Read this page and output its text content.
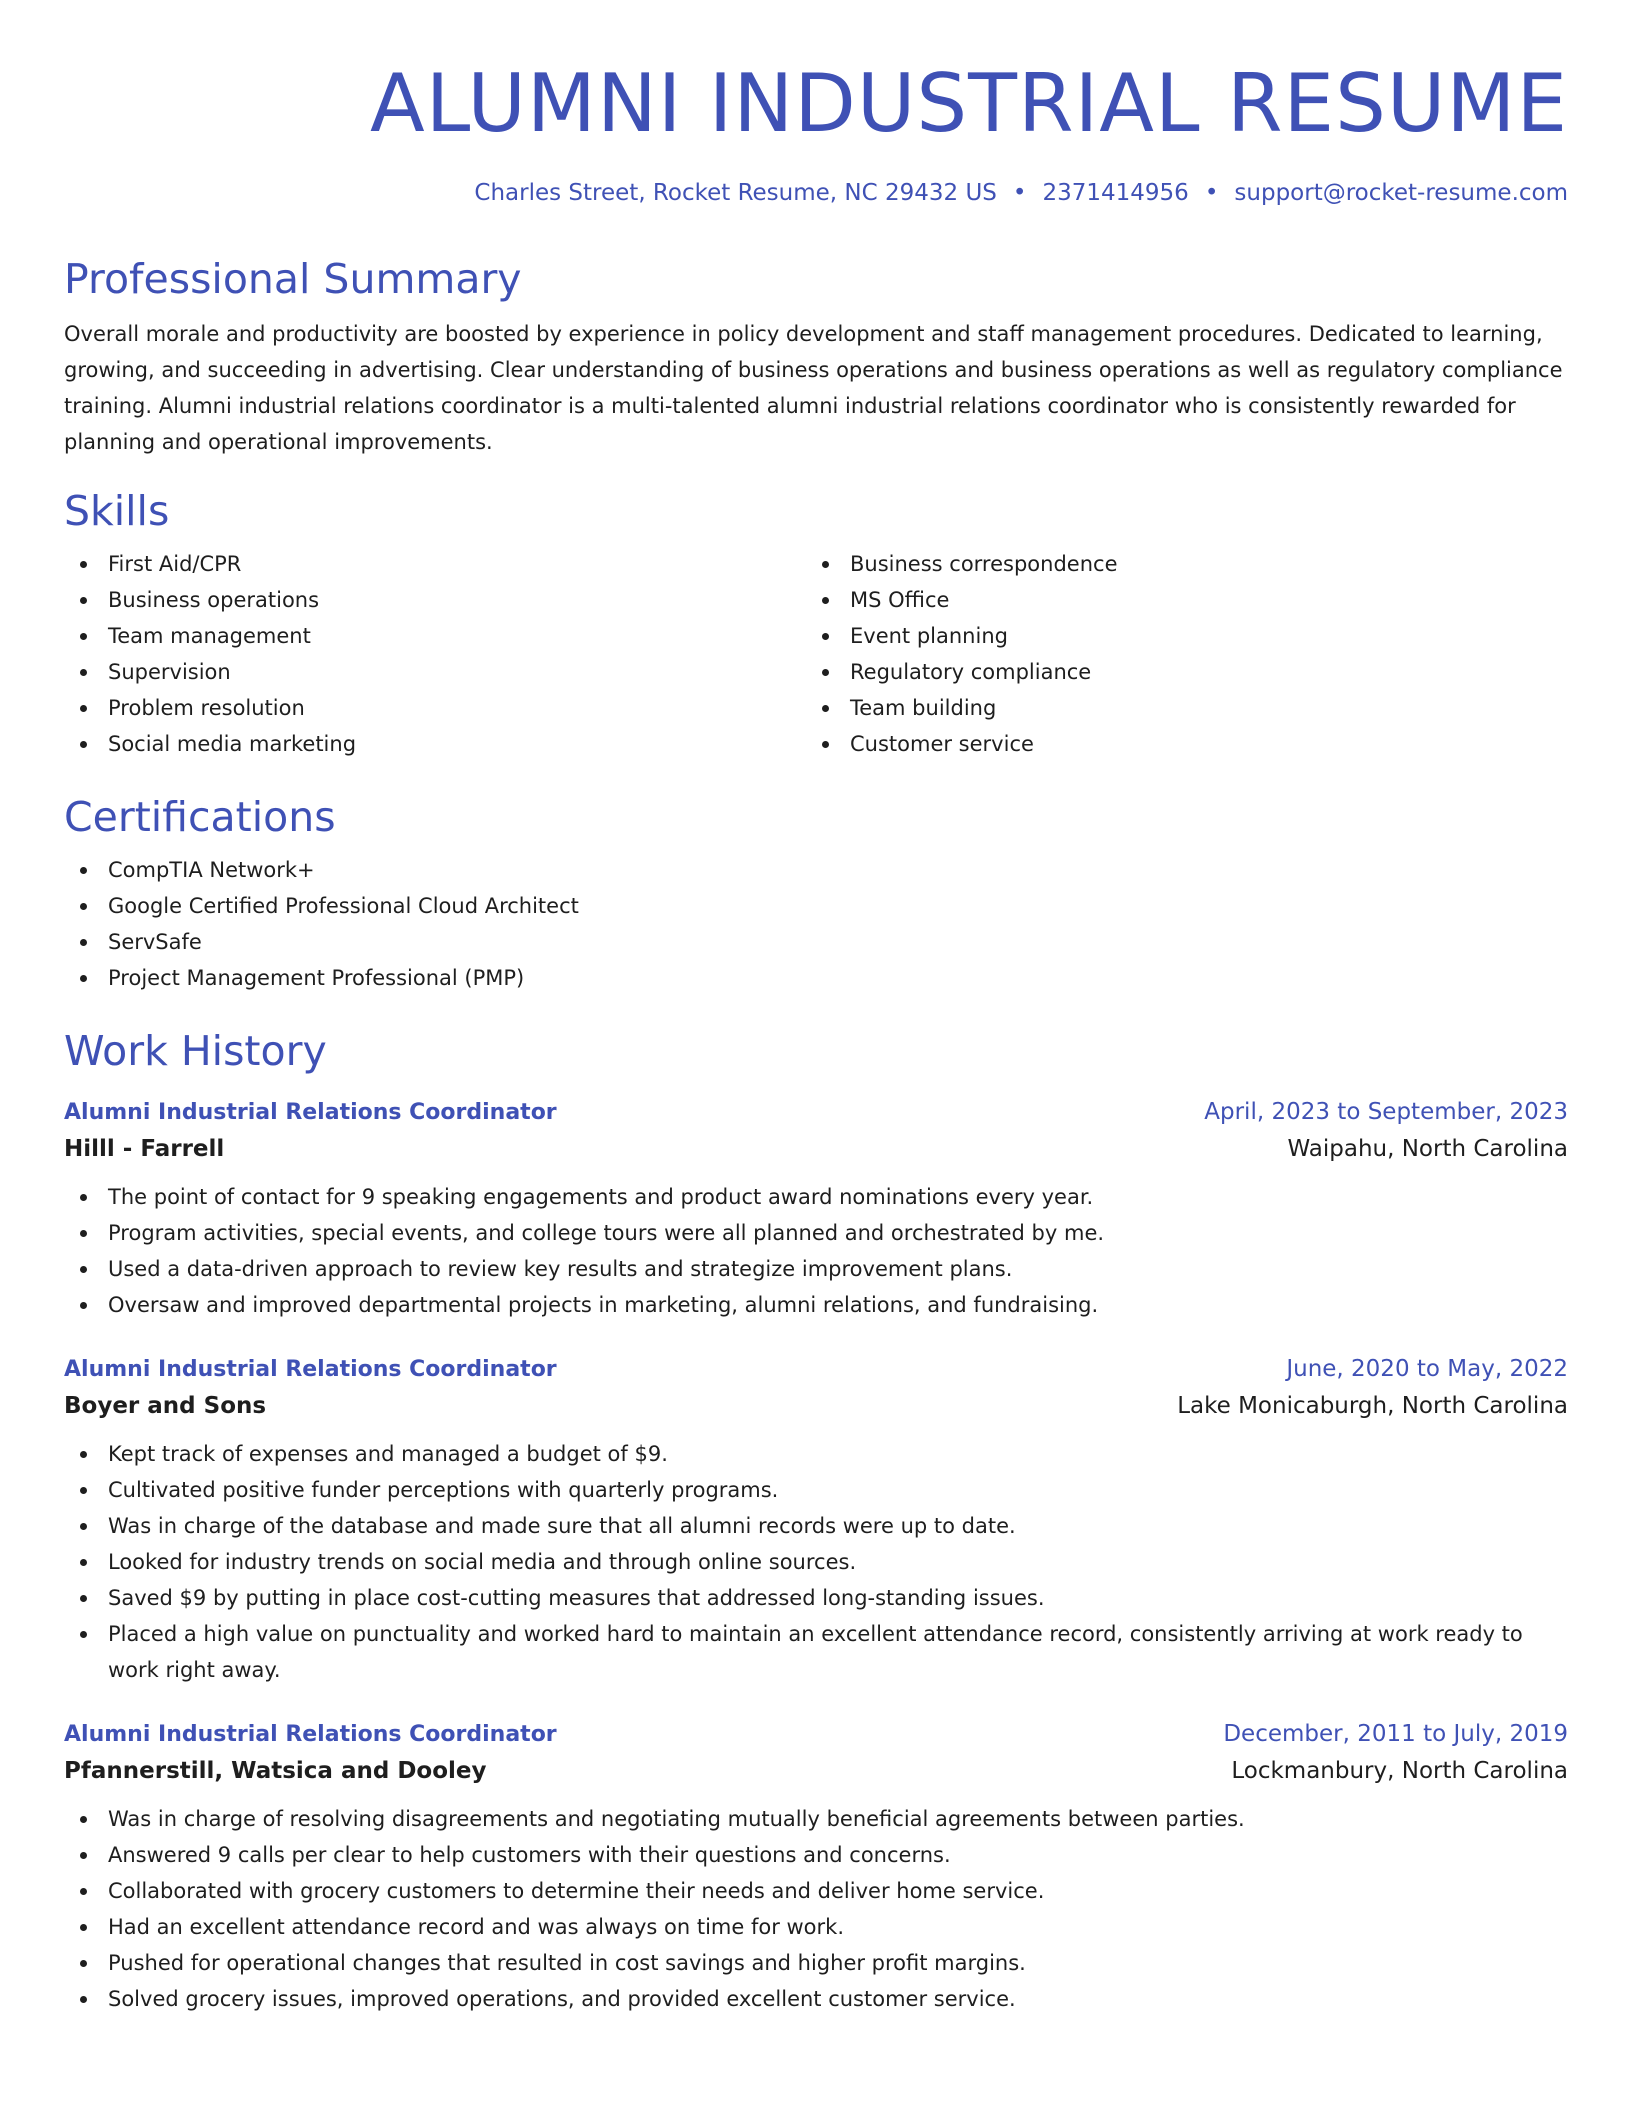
ALUMNI INDUSTRIAL RESUME
Charles Street, Rocket Resume, NC 29432 US • 2371414956 • support@rocket-resume.com
Professional Summary

Overall morale and productivity are boosted by experience in policy development and staff management procedures. Dedicated to learning, growing, and succeeding in advertising. Clear understanding of business operations and business operations as well as regulatory compliance training. Alumni industrial relations coordinator is a multi-talented alumni industrial relations coordinator who is consistently rewarded for planning and operational improvements.

Skills
First Aid/CPR
Business operations
Team management
Supervision
Problem resolution
Social media marketing
Business correspondence
MS Office
Event planning
Regulatory compliance
Team building
Customer service
Certifications
CompTIA Network+
Google Certified Professional Cloud Architect
ServSafe
Project Management Professional (PMP)
Work History
Alumni Industrial Relations Coordinator	April, 2023 to September, 2023
Hilll - Farrell	Waipahu, North Carolina
The point of contact for 9 speaking engagements and product award nominations every year.
Program activities, special events, and college tours were all planned and orchestrated by me.
Used a data-driven approach to review key results and strategize improvement plans.
Oversaw and improved departmental projects in marketing, alumni relations, and fundraising.
Alumni Industrial Relations Coordinator	June, 2020 to May, 2022
Boyer and Sons	Lake Monicaburgh, North Carolina
Kept track of expenses and managed a budget of $9.
Cultivated positive funder perceptions with quarterly programs.
Was in charge of the database and made sure that all alumni records were up to date.
Looked for industry trends on social media and through online sources.
Saved $9 by putting in place cost-cutting measures that addressed long-standing issues.
Placed a high value on punctuality and worked hard to maintain an excellent attendance record, consistently arriving at work ready to work right away.
Alumni Industrial Relations Coordinator	December, 2011 to July, 2019
Pfannerstill, Watsica and Dooley	Lockmanbury, North Carolina
Was in charge of resolving disagreements and negotiating mutually beneficial agreements between parties.
Answered 9 calls per clear to help customers with their questions and concerns.
Collaborated with grocery customers to determine their needs and deliver home service.
Had an excellent attendance record and was always on time for work.
Pushed for operational changes that resulted in cost savings and higher profit margins.
Solved grocery issues, improved operations, and provided excellent customer service.
